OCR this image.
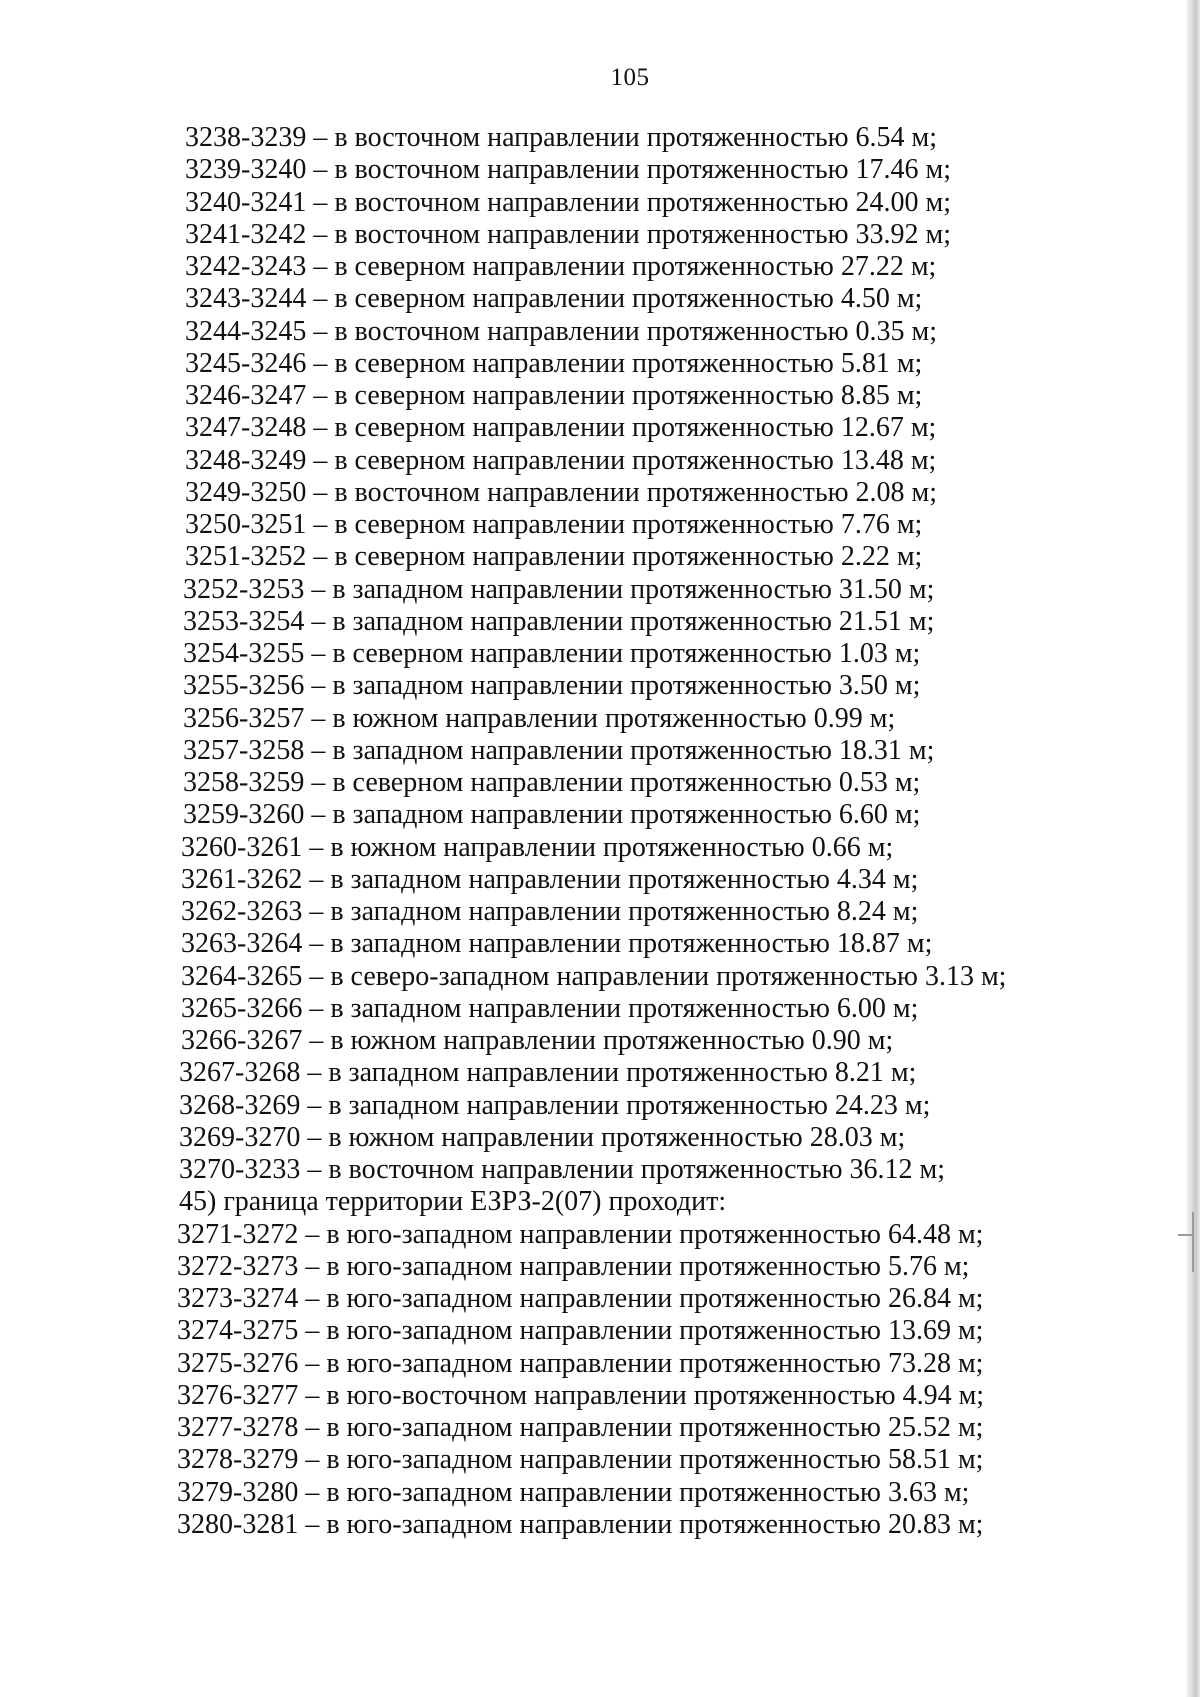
105
3238-3239 – в восточном направлении протяженностью 6.54 м;
3239-3240 – в восточном направлении протяженностью 17.46 м;
3240-3241 – в восточном направлении протяженностью 24.00 м;
3241-3242 – в восточном направлении протяженностью 33.92 м;
3242-3243 – в северном направлении протяженностью 27.22 м;
3243-3244 – в северном направлении протяженностью 4.50 м;
3244-3245 – в восточном направлении протяженностью 0.35 м;
3245-3246 – в северном направлении протяженностью 5.81 м;
3246-3247 – в северном направлении протяженностью 8.85 м;
3247-3248 – в северном направлении протяженностью 12.67 м;
3248-3249 – в северном направлении протяженностью 13.48 м;
3249-3250 – в восточном направлении протяженностью 2.08 м;
3250-3251 – в северном направлении протяженностью 7.76 м;
3251-3252 – в северном направлении протяженностью 2.22 м;
3252-3253 – в западном направлении протяженностью 31.50 м;
3253-3254 – в западном направлении протяженностью 21.51 м;
3254-3255 – в северном направлении протяженностью 1.03 м;
3255-3256 – в западном направлении протяженностью 3.50 м;
3256-3257 – в южном направлении протяженностью 0.99 м;
3257-3258 – в западном направлении протяженностью 18.31 м;
3258-3259 – в северном направлении протяженностью 0.53 м;
3259-3260 – в западном направлении протяженностью 6.60 м;
3260-3261 – в южном направлении протяженностью 0.66 м;
3261-3262 – в западном направлении протяженностью 4.34 м;
3262-3263 – в западном направлении протяженностью 8.24 м;
3263-3264 – в западном направлении протяженностью 18.87 м;
3264-3265 – в северо-западном направлении протяженностью 3.13 м;
3265-3266 – в западном направлении протяженностью 6.00 м;
3266-3267 – в южном направлении протяженностью 0.90 м;
3267-3268 – в западном направлении протяженностью 8.21 м;
3268-3269 – в западном направлении протяженностью 24.23 м;
3269-3270 – в южном направлении протяженностью 28.03 м;
3270-3233 – в восточном направлении протяженностью 36.12 м;
45) граница территории ЕЗРЗ-2(07) проходит:
3271-3272 – в юго-западном направлении протяженностью 64.48 м;
3272-3273 – в юго-западном направлении протяженностью 5.76 м;
3273-3274 – в юго-западном направлении протяженностью 26.84 м;
3274-3275 – в юго-западном направлении протяженностью 13.69 м;
3275-3276 – в юго-западном направлении протяженностью 73.28 м;
3276-3277 – в юго-восточном направлении протяженностью 4.94 м;
3277-3278 – в юго-западном направлении протяженностью 25.52 м;
3278-3279 – в юго-западном направлении протяженностью 58.51 м;
3279-3280 – в юго-западном направлении протяженностью 3.63 м;
3280-3281 – в юго-западном направлении протяженностью 20.83 м;
